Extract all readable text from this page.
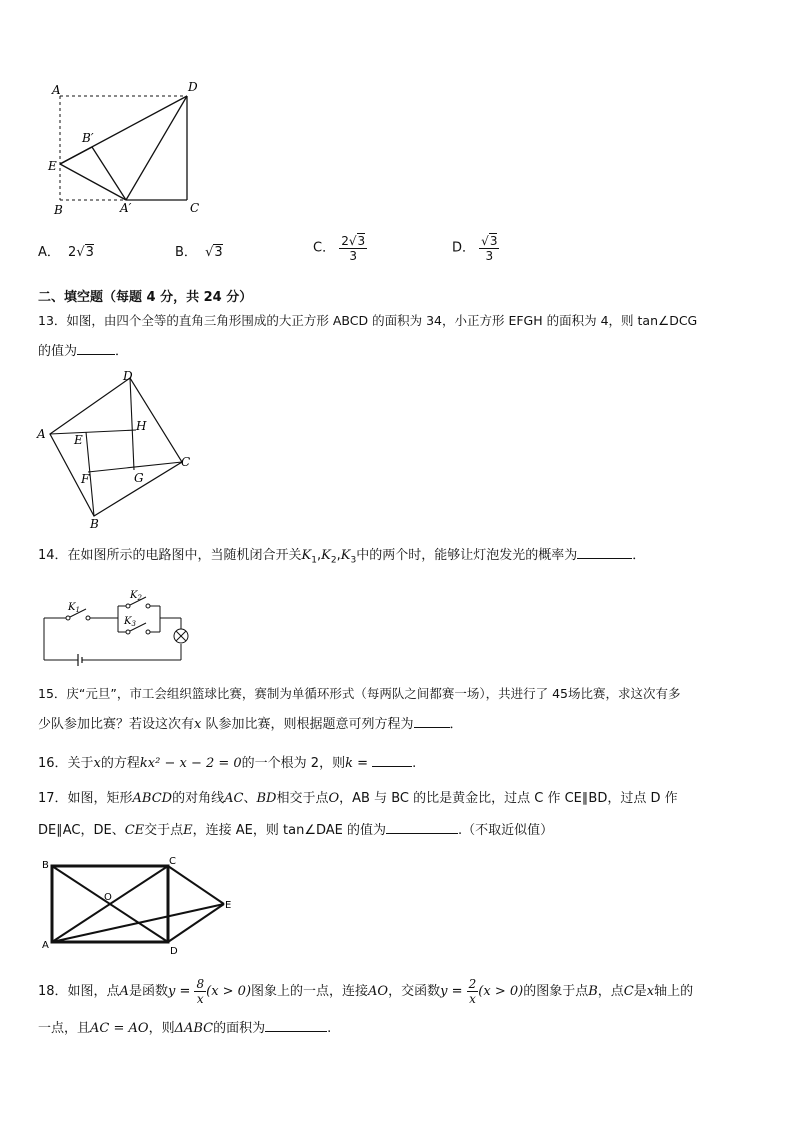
A	D
B′
E
B	A′	C
A． 2√3	B． √3	C． $\frac{2√3}{3}$	D． $\frac{√3}{3}$
二、填空题（每题 4 分，共 24 分）
13．如图，由四个全等的直角三角形围成的大正方形 ABCD 的面积为 34，小正方形 EFGH 的面积为 4，则 tan∠DCG
的值为	．
A
D
C
B
E
H
F	G
14．在如图所示的电路图中，当随机闭合开关$K_1,K_2,K_3$中的两个时，能够让灯泡发光的概率为	．
$K_1$
$K_2$
$K_3$
15．庆“元旦”，市工会组织篮球比赛，赛制为单循环形式（每两队之间都赛一场），共进行了 45场比赛，求这次有多
少队参加比赛？若设这次有x 队参加比赛，则根据题意可列方程为	．
16．关于x的方程kx² − x − 2 = 0的一个根为 2，则k =	.
17．如图，矩形ABCD的对角线AC、BD相交于点O，AB 与 BC 的比是黄金比，过点 C 作 CE∥BD，过点 D 作
DE∥AC，DE、CE交于点E，连接 AE，则 tan∠DAE 的值为	.（不取近似值）
B	C
O
E
A
D
18．如图，点A是函数$y = \frac{8}{x} (x > 0)$图象上的一点，连接AO，交函数$y = \frac{2}{x} (x > 0)$的图象于点B，点C是x轴上的
一点，且AC = AO，则ΔABC的面积为	.
